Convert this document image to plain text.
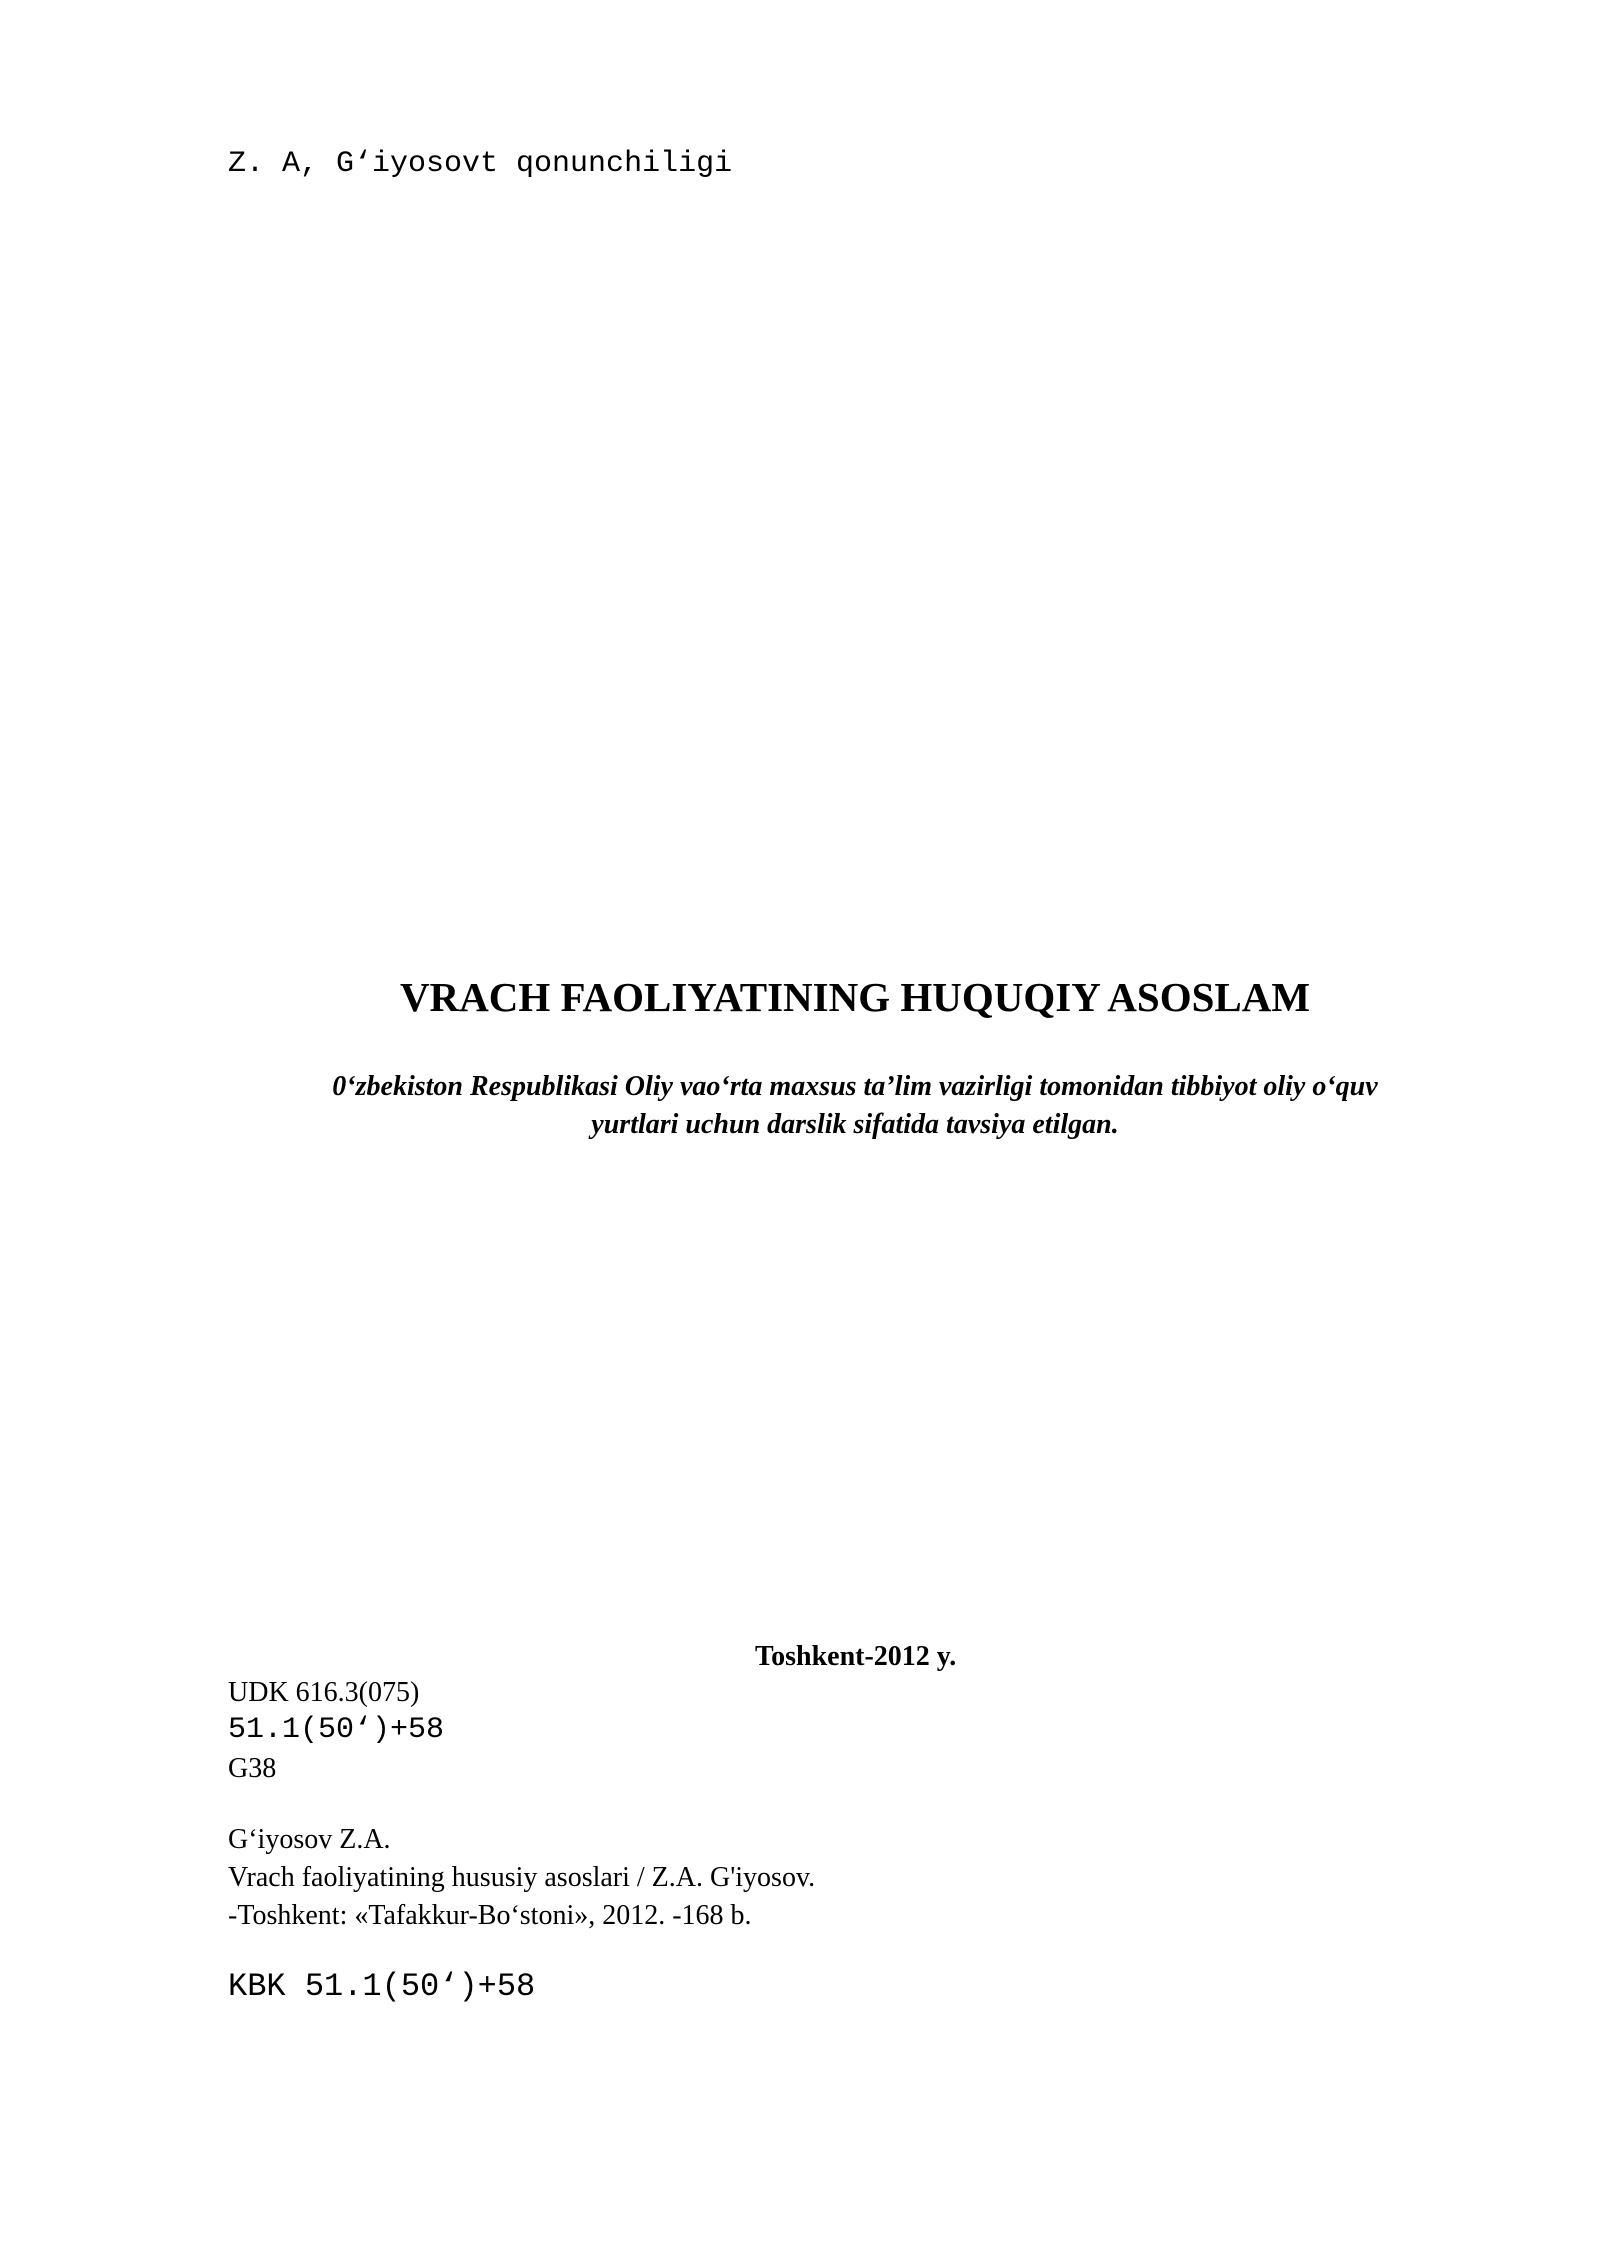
Z. A, G‘iyosovt qonunchiligi

VRACH FAOLIYATINING HUQUQIY ASOSLAM
0‘zbekiston Respublikasi Oliy vao‘rta maxsus ta’lim vazirligi tomonidan tibbiyot oliy o‘quv
yurtlari uchun darslik sifatida tavsiya etilgan.

Toshkent-2012 y.

UDK 616.3(075)

51.1(50‘)+58

G38

G‘iyosov Z.A.
Vrach faoliyatining hususiy asoslari / Z.A. G'iyosov.
-Toshkent: «Tafakkur-Bo‘stoni», 2012. -168 b.

KBK 51.1(50‘)+58
